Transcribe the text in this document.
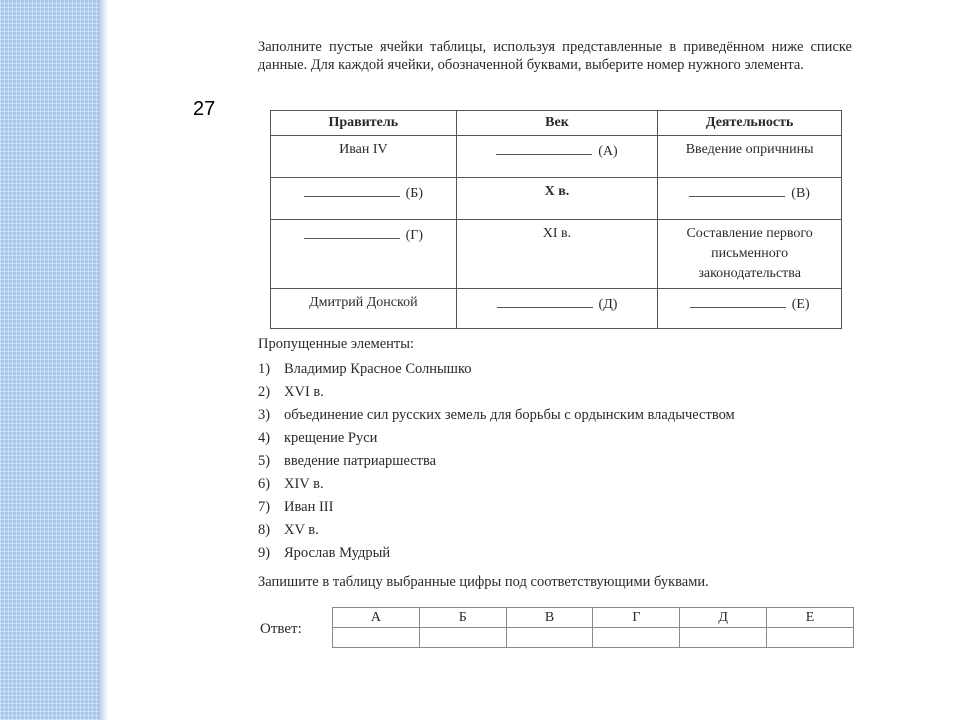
27

Заполните пустые ячейки таблицы, используя представленные в приведённом ниже списке данные. Для каждой ячейки, обозначенной буквами, выберите номер нужного элемента.

Правитель	Век	Деятельность
Иван IV	(А)	Введение опричнины
(Б)	Х в.	(В)
(Г)	XI в.	Составление первого письменного законодательства
Дмитрий Донской	(Д)	(Е)

Пропущенные элементы:

1) Владимир Красное Солнышко
2) XVI в.
3) объединение сил русских земель для борьбы с ордынским владычеством
4) крещение Руси
5) введение патриаршества
6) XIV в.
7) Иван III
8) XV в.
9) Ярослав Мудрый
Запишите в таблицу выбранные цифры под соответствующими буквами.
Ответ:
А	Б	В	Г	Д	Е
